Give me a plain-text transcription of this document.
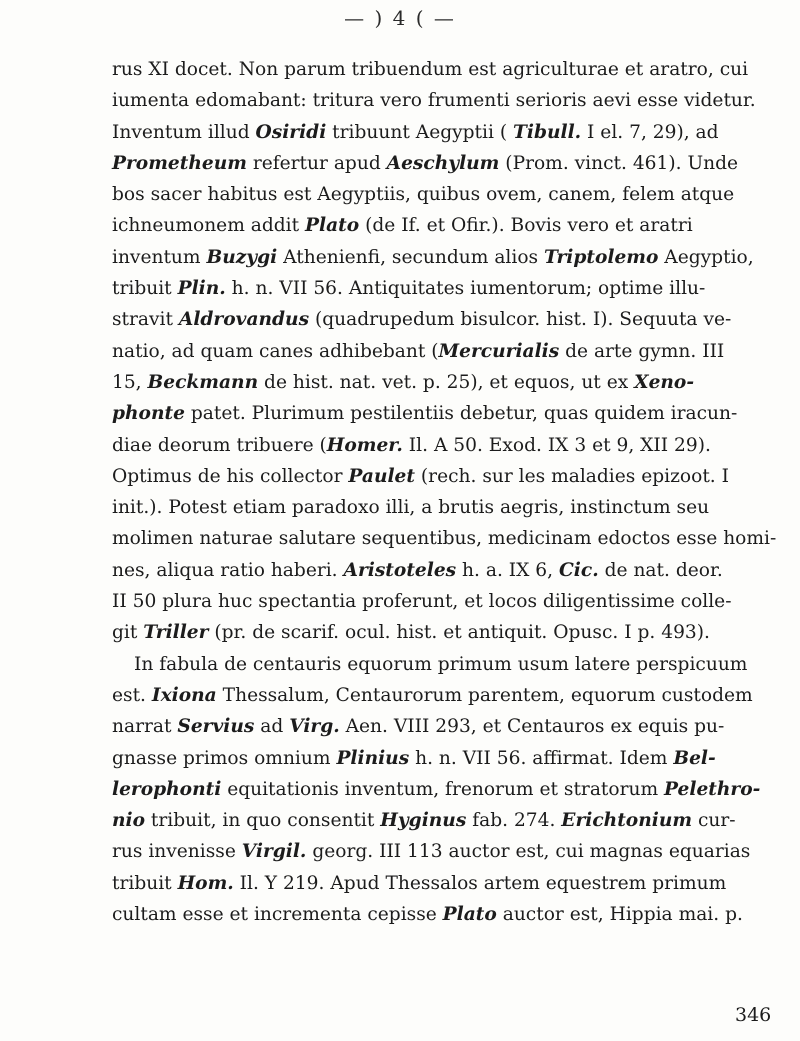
— ) 4 ( —
rus XI docet. Non parum tribuendum est agriculturae et aratro, cui
iumenta edomabant: tritura vero frumenti serioris aevi esse videtur.
Inventum illud Osiridi tribuunt Aegyptii ( Tibull. I el. 7, 29), ad
Prometheum refertur apud Aeschylum (Prom. vinct. 461). Unde
bos sacer habitus est Aegyptiis, quibus ovem, canem, felem atque
ichneumonem addit Plato (de If. et Ofir.). Bovis vero et aratri
inventum Buzygi Athenienfi, secundum alios Triptolemo Aegyptio,
tribuit Plin. h. n. VII 56. Antiquitates iumentorum; optime illu-
stravit Aldrovandus (quadrupedum bisulcor. hist. I). Sequuta ve-
natio, ad quam canes adhibebant (Mercurialis de arte gymn. III
15, Beckmann de hist. nat. vet. p. 25), et equos, ut ex Xeno-
phonte patet. Plurimum pestilentiis debetur, quas quidem iracun-
diae deorum tribuere (Homer. Il. A 50. Exod. IX 3 et 9, XII 29).
Optimus de his collector Paulet (rech. sur les maladies epizoot. I
init.). Potest etiam paradoxo illi, a brutis aegris, instinctum seu
molimen naturae salutare sequentibus, medicinam edoctos esse homi-
nes, aliqua ratio haberi. Aristoteles h. a. IX 6, Cic. de nat. deor.
II 50 plura huc spectantia proferunt, et locos diligentissime colle-
git Triller (pr. de scarif. ocul. hist. et antiquit. Opusc. I p. 493).
In fabula de centauris equorum primum usum latere perspicuum
est. Ixiona Thessalum, Centaurorum parentem, equorum custodem
narrat Servius ad Virg. Aen. VIII 293, et Centauros ex equis pu-
gnasse primos omnium Plinius h. n. VII 56. affirmat. Idem Bel-
lerophonti equitationis inventum, frenorum et stratorum Pelethro-
nio tribuit, in quo consentit Hyginus fab. 274. Erichtonium cur-
rus invenisse Virgil. georg. III 113 auctor est, cui magnas equarias
tribuit Hom. Il. Y 219. Apud Thessalos artem equestrem primum
cultam esse et incrementa cepisse Plato auctor est, Hippia mai. p.
346
